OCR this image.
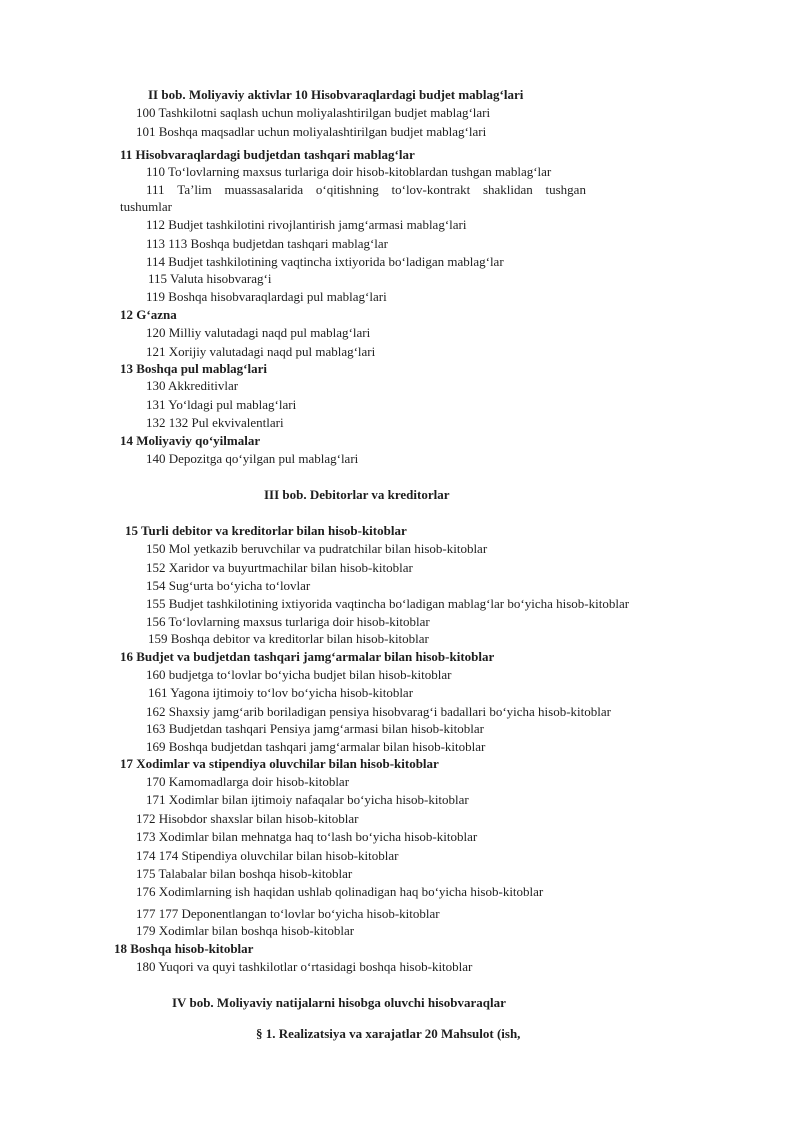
II bob. Moliyaviy aktivlar 10 Hisobvaraqlardagi budjet mablag‘lari
100 Tashkilotni saqlash uchun moliyalashtirilgan budjet mablag‘lari
101 Boshqa maqsadlar uchun moliyalashtirilgan budjet mablag‘lari
11 Hisobvaraqlardagi budjetdan tashqari mablag‘lar
110 To‘lovlarning maxsus turlariga doir hisob-kitoblardan tushgan mablag‘lar
111 Ta’lim muassasalarida o‘qitishning to‘lov-kontrakt shaklidan tushgan
tushumlar
112 Budjet tashkilotini rivojlantirish jamg‘armasi mablag‘lari
113 113 Boshqa budjetdan tashqari mablag‘lar
114 Budjet tashkilotining vaqtincha ixtiyorida bo‘ladigan mablag‘lar
115 Valuta hisobvarag‘i
119 Boshqa hisobvaraqlardagi pul mablag‘lari
12 G‘azna
120 Milliy valutadagi naqd pul mablag‘lari
121 Xorijiy valutadagi naqd pul mablag‘lari
13 Boshqa pul mablag‘lari
130 Akkreditivlar
131 Yo‘ldagi pul mablag‘lari
132 132 Pul ekvivalentlari
14 Moliyaviy qo‘yilmalar
140 Depozitga qo‘yilgan pul mablag‘lari
III bob. Debitorlar va kreditorlar
15 Turli debitor va kreditorlar bilan hisob-kitoblar
150 Mol yetkazib beruvchilar va pudratchilar bilan hisob-kitoblar
152 Xaridor va buyurtmachilar bilan hisob-kitoblar
154 Sug‘urta bo‘yicha to‘lovlar
155 Budjet tashkilotining ixtiyorida vaqtincha bo‘ladigan mablag‘lar bo‘yicha hisob-kitoblar
156 To‘lovlarning maxsus turlariga doir hisob-kitoblar
159 Boshqa debitor va kreditorlar bilan hisob-kitoblar
16 Budjet va budjetdan tashqari jamg‘armalar bilan hisob-kitoblar
160 budjetga to‘lovlar bo‘yicha budjet bilan hisob-kitoblar
161 Yagona ijtimoiy to‘lov bo‘yicha hisob-kitoblar
162 Shaxsiy jamg‘arib boriladigan pensiya hisobvarag‘i badallari bo‘yicha hisob-kitoblar
163 Budjetdan tashqari Pensiya jamg‘armasi bilan hisob-kitoblar
169 Boshqa budjetdan tashqari jamg‘armalar bilan hisob-kitoblar
17 Xodimlar va stipendiya oluvchilar bilan hisob-kitoblar
170 Kamomadlarga doir hisob-kitoblar
171 Xodimlar bilan ijtimoiy nafaqalar bo‘yicha hisob-kitoblar
172 Hisobdor shaxslar bilan hisob-kitoblar
173 Xodimlar bilan mehnatga haq to‘lash bo‘yicha hisob-kitoblar
174 174 Stipendiya oluvchilar bilan hisob-kitoblar
175 Talabalar bilan boshqa hisob-kitoblar
176 Xodimlarning ish haqidan ushlab qolinadigan haq bo‘yicha hisob-kitoblar
177 177 Deponentlangan to‘lovlar bo‘yicha hisob-kitoblar
179 Xodimlar bilan boshqa hisob-kitoblar
18 Boshqa hisob-kitoblar
180 Yuqori va quyi tashkilotlar o‘rtasidagi boshqa hisob-kitoblar
IV bob. Moliyaviy natijalarni hisobga oluvchi hisobvaraqlar
§ 1. Realizatsiya va xarajatlar 20 Mahsulot (ish,
